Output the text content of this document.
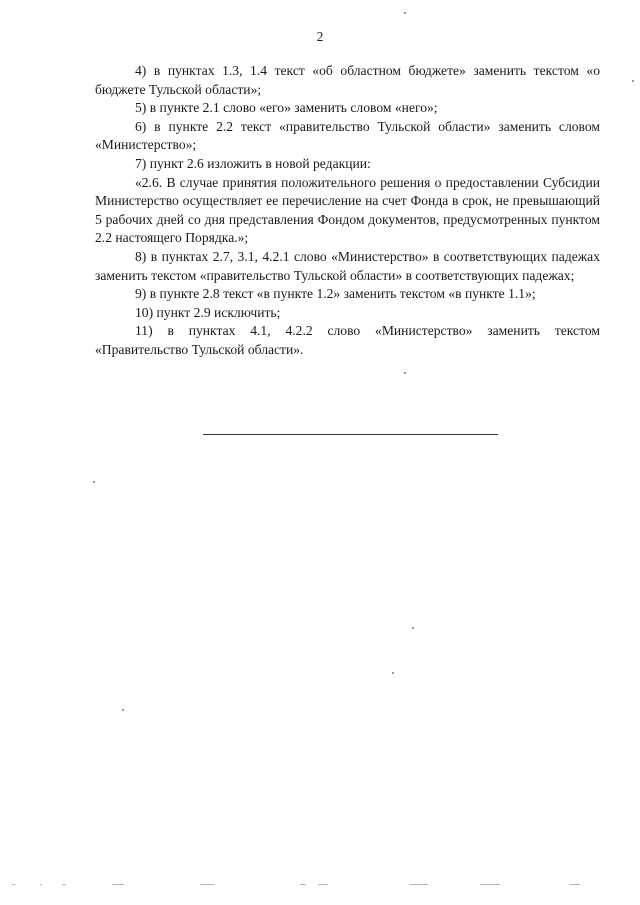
2

4) в пунктах 1.3, 1.4 текст «об областном бюджете» заменить текстом «о бюджете Тульской области»;

5) в пункте 2.1 слово «его» заменить словом «него»;

6) в пункте 2.2 текст «правительство Тульской области» заменить словом «Министерство»;

7) пункт 2.6 изложить в новой редакции:

«2.6. В случае принятия положительного решения о предоставлении Субсидии Министерство осуществляет ее перечисление на счет Фонда в срок, не превышающий 5 рабочих дней со дня представления Фондом документов, предусмотренных пунктом 2.2 настоящего Порядка.»;

8) в пунктах 2.7, 3.1, 4.2.1 слово «Министерство» в соответствующих падежах заменить текстом «правительство Тульской области» в соответствующих падежах;

9) в пункте 2.8 текст «в пункте 1.2» заменить текстом «в пункте 1.1»;

10) пункт 2.9 исключить;

11) в пунктах 4.1, 4.2.2 слово «Министерство» заменить текстом «Правительство Тульской области».
